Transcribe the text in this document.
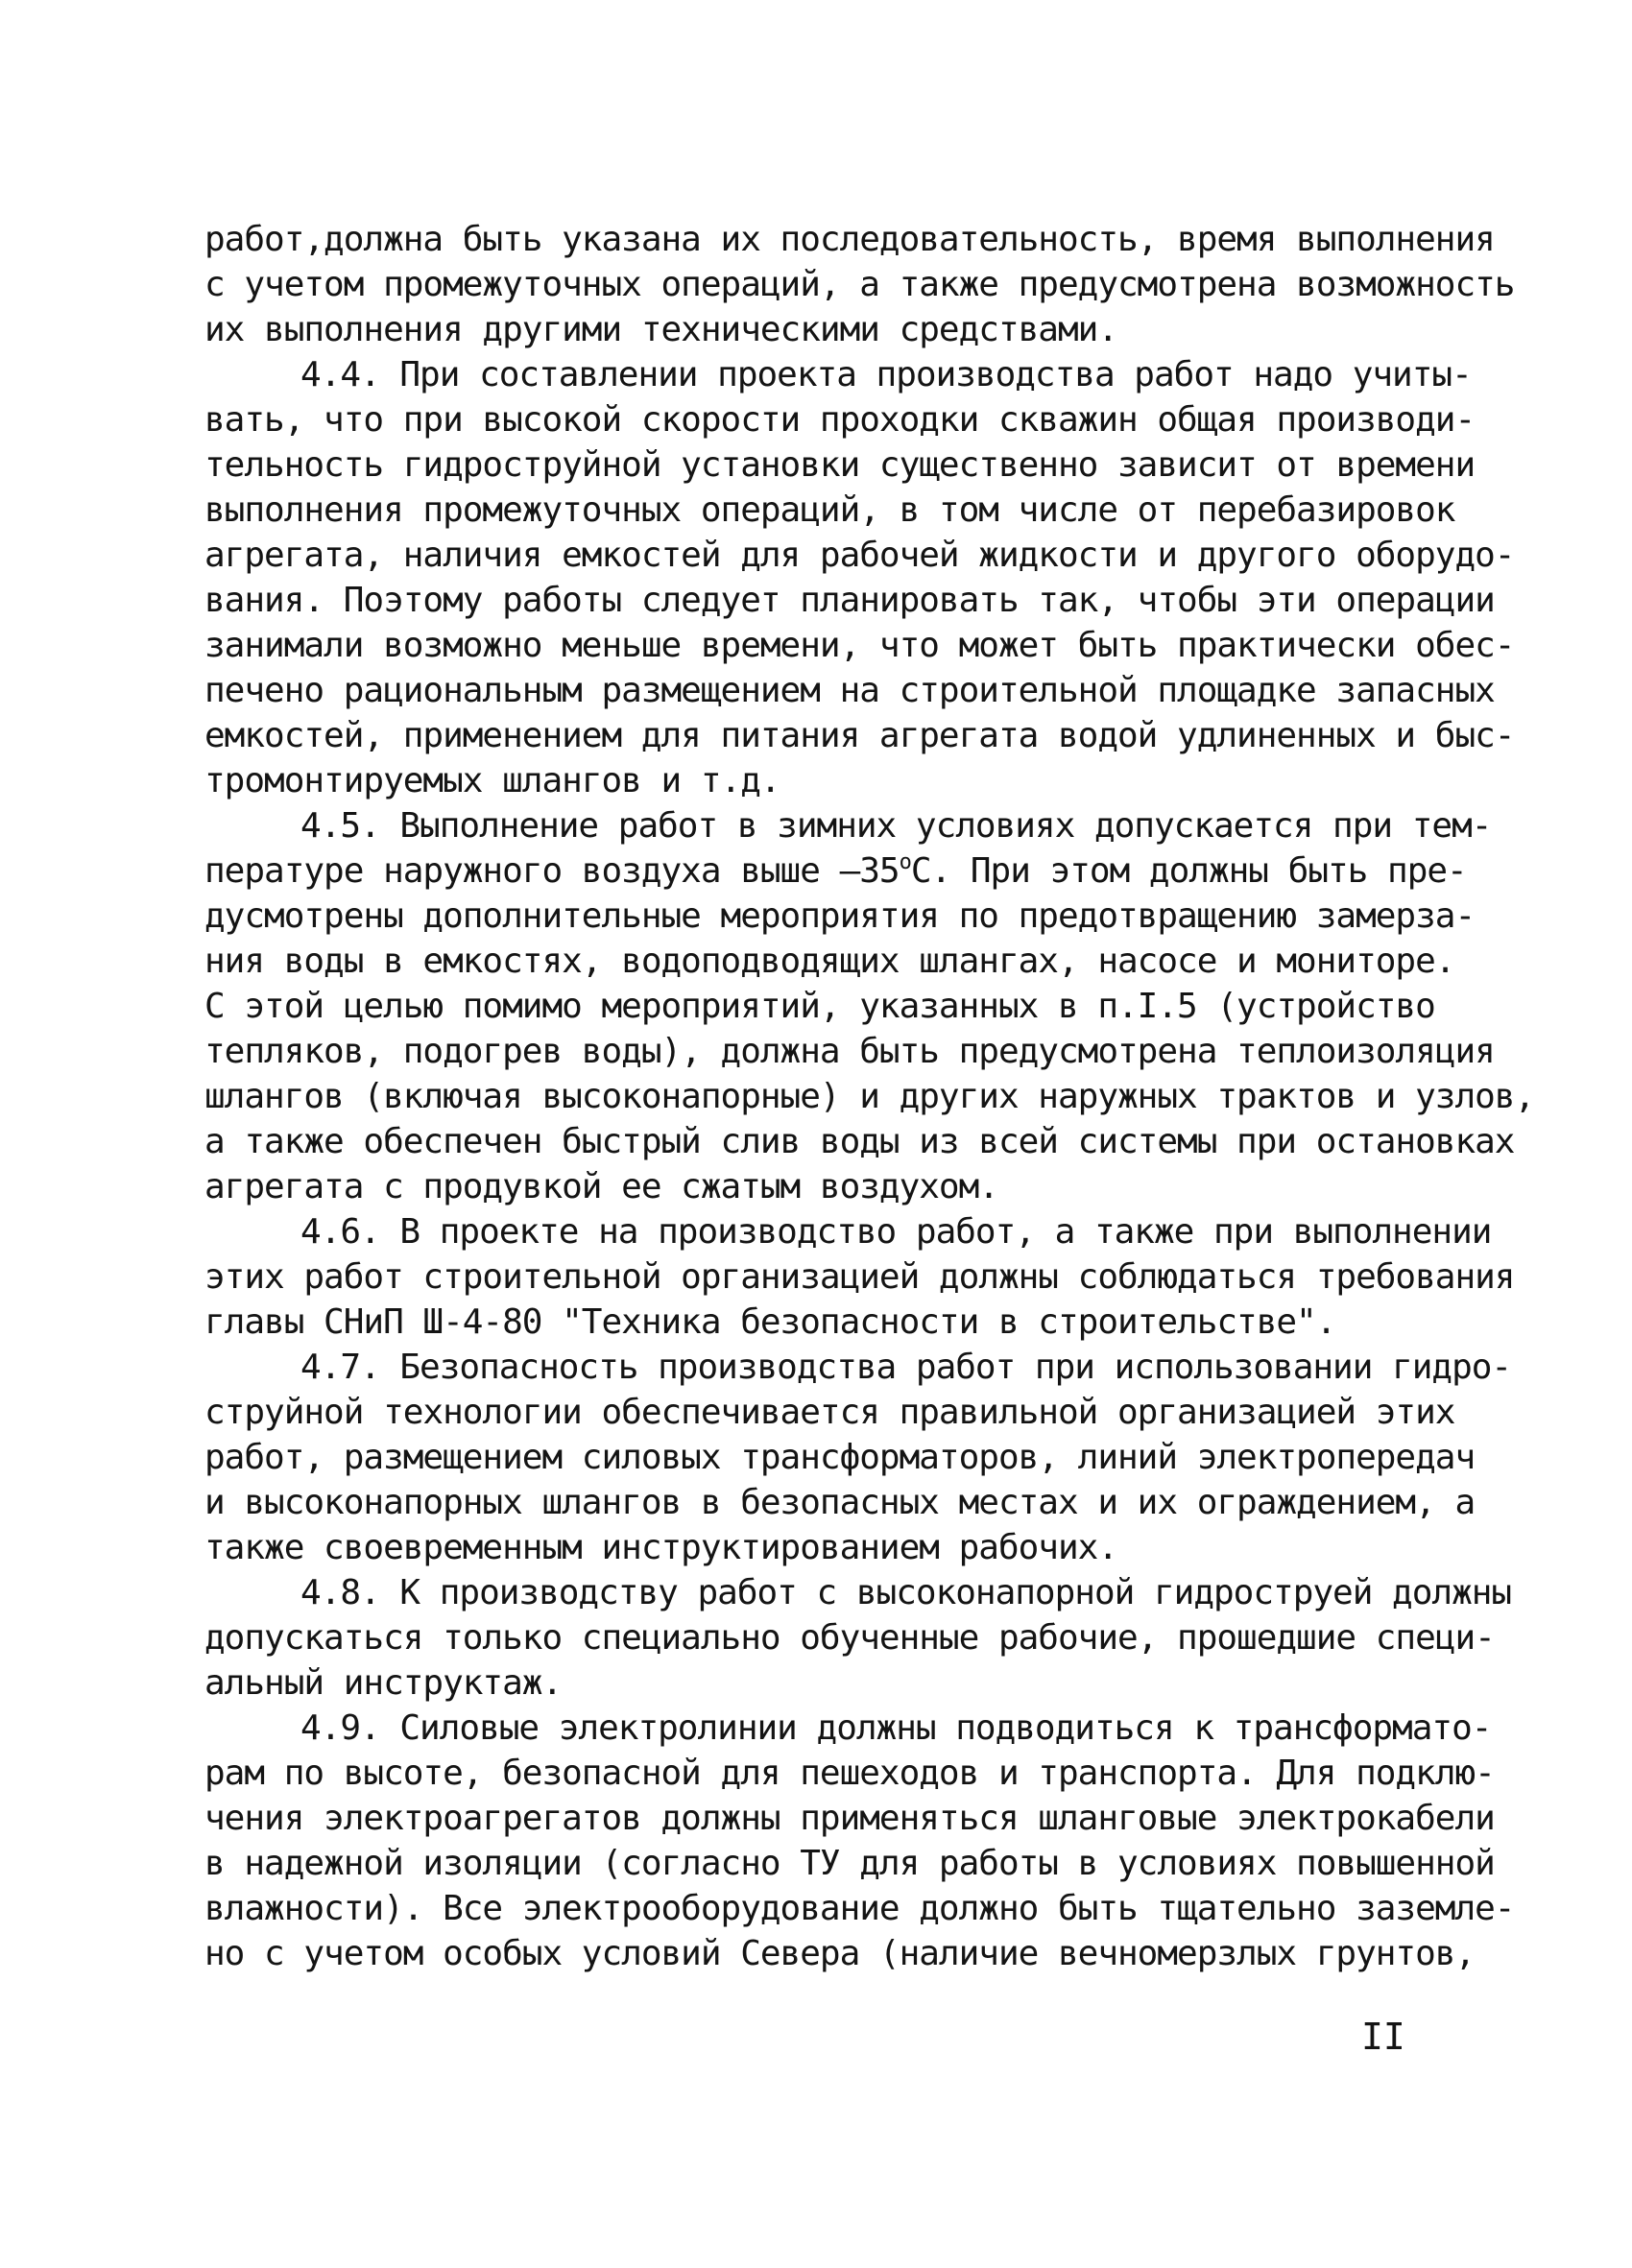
работ,должна быть указана их последовательность, время выполнения
с учетом промежуточных операций, а также предусмотрена возможность
их выполнения другими техническими средствами.
4.4. При составлении проекта производства работ надо учиты-
вать, что при высокой скорости проходки скважин общая производи-
тельность гидроструйной установки существенно зависит от времени
выполнения промежуточных операций, в том числе от перебазировок
агрегата, наличия емкостей для рабочей жидкости и другого оборудо-
вания. Поэтому работы следует планировать так, чтобы эти операции
занимали возможно меньше времени, что может быть практически обес-
печено рациональным размещением на строительной площадке запасных
емкостей, применением для питания агрегата водой удлиненных и быс-
тромонтируемых шлангов и т.д.
4.5. Выполнение работ в зимних условиях допускается при тем-
пературе наружного воздуха выше –35$^o$С. При этом должны быть пре-
дусмотрены дополнительные мероприятия по предотвращению замерза-
ния воды в емкостях, водоподводящих шлангах, насосе и мониторе.
С этой целью помимо мероприятий, указанных в п.I.5 (устройство
тепляков, подогрев воды), должна быть предусмотрена теплоизоляция
шлангов (включая высоконапорные) и других наружных трактов и узлов,
а также обеспечен быстрый слив воды из всей системы при остановках
агрегата с продувкой ее сжатым воздухом.
4.6. В проекте на производство работ, а также при выполнении
этих работ строительной организацией должны соблюдаться требования
главы СНиП Ш-4-80 "Техника безопасности в строительстве".
4.7. Безопасность производства работ при использовании гидро-
струйной технологии обеспечивается правильной организацией этих
работ, размещением силовых трансформаторов, линий электропередач
и высоконапорных шлангов в безопасных местах и их ограждением, а
также своевременным инструктированием рабочих.
4.8. К производству работ с высоконапорной гидроструей должны
допускаться только специально обученные рабочие, прошедшие специ-
альный инструктаж.
4.9. Силовые электролинии должны подводиться к трансформато-
рам по высоте, безопасной для пешеходов и транспорта. Для подклю-
чения электроагрегатов должны применяться шланговые электрокабели
в надежной изоляции (согласно ТУ для работы в условиях повышенной
влажности). Все электрооборудование должно быть тщательно заземле-
но с учетом особых условий Севера (наличие вечномерзлых грунтов,
II
